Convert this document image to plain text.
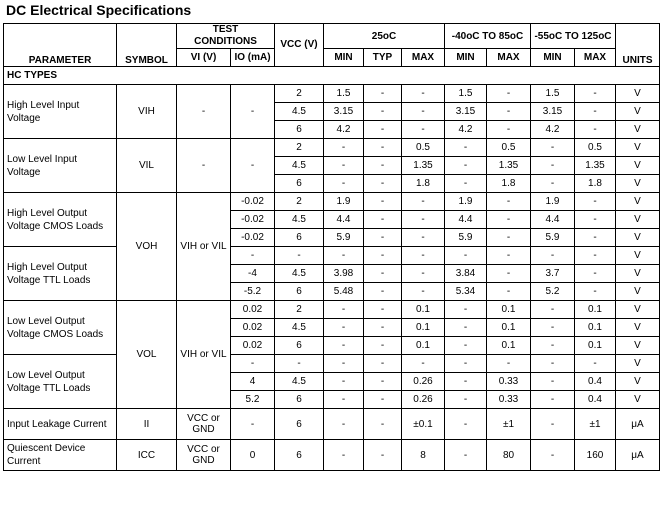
DC Electrical Specifications
PARAMETER	SYMBOL	TEST CONDITIONS		VCC (V)	25oC			-40oC TO 85oC		-55oC TO 125oC		UNITS
		VI (V)	IO (mA)		MIN	TYP	MAX	MIN	MAX	MIN	MAX	
HC TYPES												
High Level Input Voltage	VIH	-	-	2	1.5	-	-	1.5	-	1.5	-	V
				4.5	3.15	-	-	3.15	-	3.15	-	V
				6	4.2	-	-	4.2	-	4.2	-	V
Low Level Input Voltage	VIL	-	-	2	-	-	0.5	-	0.5	-	0.5	V
				4.5	-	-	1.35	-	1.35	-	1.35	V
				6	-	-	1.8	-	1.8	-	1.8	V
High Level Output Voltage CMOS Loads	VOH	VIH or VIL	-0.02	2	1.9	-	-	1.9	-	1.9	-	V
			-0.02	4.5	4.4	-	-	4.4	-	4.4	-	V
			-0.02	6	5.9	-	-	5.9	-	5.9	-	V
High Level Output Voltage TTL Loads			-	-	-	-	-	-	-	-	-	V
			-4	4.5	3.98	-	-	3.84	-	3.7	-	V
			-5.2	6	5.48	-	-	5.34	-	5.2	-	V
Low Level Output Voltage CMOS Loads	VOL	VIH or VIL	0.02	2	-	-	0.1	-	0.1	-	0.1	V
			0.02	4.5	-	-	0.1	-	0.1	-	0.1	V
			0.02	6	-	-	0.1	-	0.1	-	0.1	V
Low Level Output Voltage TTL Loads			-	-	-	-	-	-	-	-	-	V
			4	4.5	-	-	0.26	-	0.33	-	0.4	V
			5.2	6	-	-	0.26	-	0.33	-	0.4	V
Input Leakage Current	II	VCC or GND	-	6	-	-	±0.1	-	±1	-	±1	μA
Quiescent Device Current	ICC	VCC or GND	0	6	-	-	8	-	80	-	160	μA
